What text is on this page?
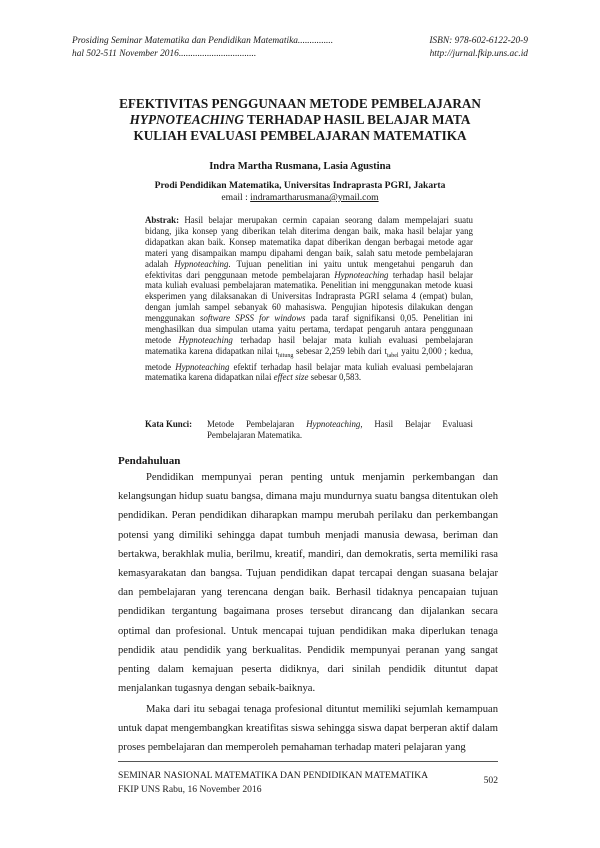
Prosiding Seminar Matematika dan Pendidikan Matematika...............	ISBN: 978-602-6122-20-9
hal 502-511 November 2016.................................	http://jurnal.fkip.uns.ac.id
EFEKTIVITAS PENGGUNAAN METODE PEMBELAJARAN
HYPNOTEACHING TERHADAP HASIL BELAJAR MATA
KULIAH EVALUASI PEMBELAJARAN MATEMATIKA
Indra Martha Rusmana, Lasia Agustina
Prodi Pendidikan Matematika, Universitas Indraprasta PGRI, Jakarta
email : indramartharusmana@ymail.com
Abstrak: Hasil belajar merupakan cermin capaian seorang dalam mempelajari suatu bidang, jika konsep yang diberikan telah diterima dengan baik, maka hasil belajar yang didapatkan akan baik. Konsep matematika dapat diberikan dengan berbagai metode agar materi yang disampaikan mampu dipahami dengan baik, salah satu metode pembelajaran adalah Hypnoteaching. Tujuan penelitian ini yaitu untuk mengetahui pengaruh dan efektivitas dari penggunaan metode pembelajaran Hypnoteaching terhadap hasil belajar mata kuliah evaluasi pembelajaran matematika. Penelitian ini menggunakan metode kuasi eksperimen yang dilaksanakan di Universitas Indraprasta PGRI selama 4 (empat) bulan, dengan jumlah sampel sebanyak 60 mahasiswa. Pengujian hipotesis dilakukan dengan menggunakan software SPSS for windows pada taraf signifikansi 0,05. Penelitian ini menghasilkan dua simpulan utama yaitu pertama, terdapat pengaruh antara penggunaan metode Hypnoteaching terhadap hasil belajar mata kuliah evaluasi pembelajaran matematika karena didapatkan nilai $t_{hitung}$ sebesar 2,259 lebih dari $t_{tabel}$ yaitu 2,000 ; kedua, metode Hypnoteaching efektif terhadap hasil belajar mata kuliah evaluasi pembelajaran matematika karena didapatkan nilai effect size sebesar 0,583.
Kata Kunci: Metode Pembelajaran Hypnoteaching, Hasil Belajar Evaluasi Pembelajaran Matematika.
Pendahuluan
Pendidikan mempunyai peran penting untuk menjamin perkembangan dan kelangsungan hidup suatu bangsa, dimana maju mundurnya suatu bangsa ditentukan oleh pendidikan. Peran pendidikan diharapkan mampu merubah perilaku dan perkembangan potensi yang dimiliki sehingga dapat tumbuh menjadi manusia dewasa, beriman dan bertakwa, berakhlak mulia, berilmu, kreatif, mandiri, dan demokratis, serta memiliki rasa kemasyarakatan dan bangsa. Tujuan pendidikan dapat tercapai dengan suasana belajar dan pembelajaran yang terencana dengan baik. Berhasil tidaknya pencapaian tujuan pendidikan tergantung bagaimana proses tersebut dirancang dan dijalankan secara optimal dan profesional. Untuk mencapai tujuan pendidikan maka diperlukan tenaga pendidik atau pendidik yang berkualitas. Pendidik mempunyai peranan yang sangat penting dalam kemajuan peserta didiknya, dari sinilah pendidik dituntut dapat menjalankan tugasnya dengan sebaik-baiknya.
Maka dari itu sebagai tenaga profesional dituntut memiliki sejumlah kemampuan untuk dapat mengembangkan kreatifitas siswa sehingga siswa dapat berperan aktif dalam proses pembelajaran dan memperoleh pemahaman terhadap materi pelajaran yang
SEMINAR NASIONAL MATEMATIKA DAN PENDIDIKAN MATEMATIKA
FKIP UNS Rabu, 16 November 2016
502
